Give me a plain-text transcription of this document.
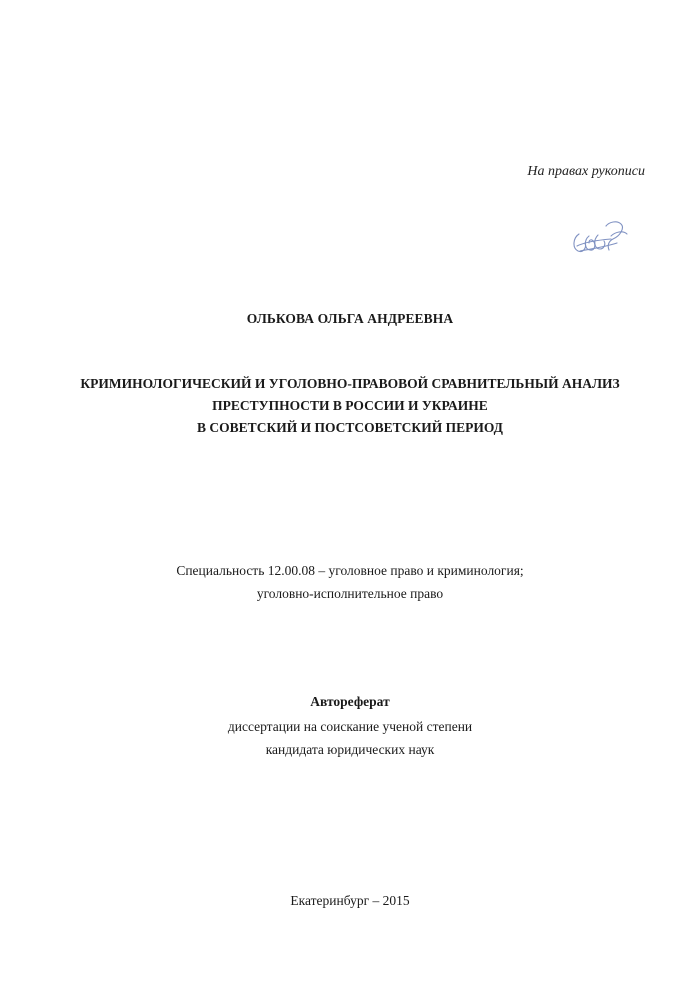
На правах рукописи
ОЛЬКОВА ОЛЬГА АНДРЕЕВНА
КРИМИНОЛОГИЧЕСКИЙ И УГОЛОВНО-ПРАВОВОЙ СРАВНИТЕЛЬНЫЙ АНАЛИЗ
ПРЕСТУПНОСТИ В РОССИИ И УКРАИНЕ
В СОВЕТСКИЙ И ПОСТСОВЕТСКИЙ ПЕРИОД
Специальность 12.00.08 – уголовное право и криминология;
уголовно-исполнительное право
Автореферат
диссертации на соискание ученой степени
кандидата юридических наук
Екатеринбург – 2015
